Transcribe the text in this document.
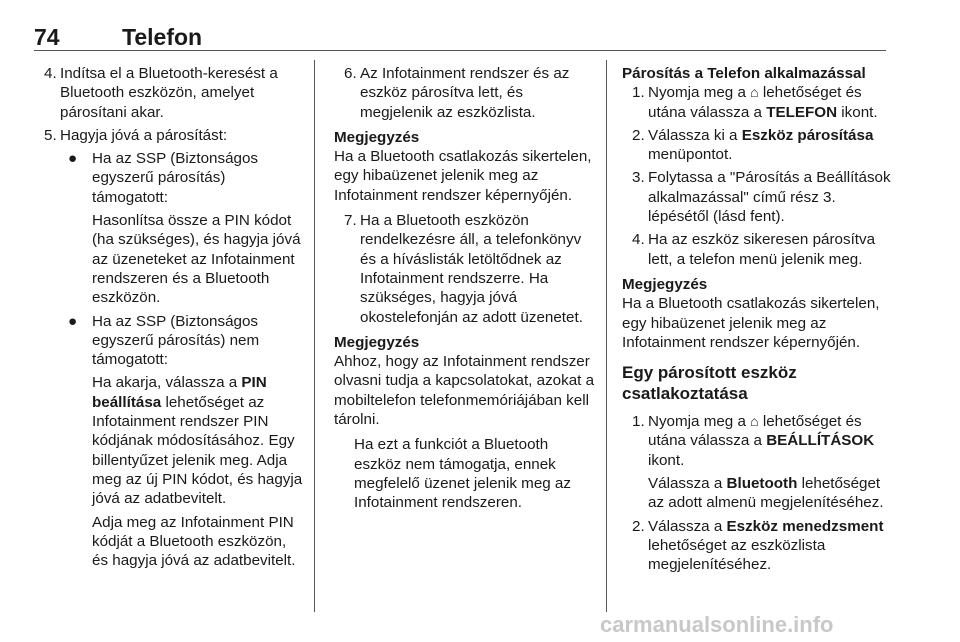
74	Telefon
4. Indítsa el a Bluetooth-keresést a Bluetooth eszközön, amelyet párosítani akar.
5. Hagyja jóvá a párosítást:
● Ha az SSP (Biztonságos egyszerű párosítás) támogatott:
Hasonlítsa össze a PIN kódot (ha szükséges), és hagyja jóvá az üzeneteket az Infotainment rendszeren és a Bluetooth eszközön.
● Ha az SSP (Biztonságos egyszerű párosítás) nem támogatott:
Ha akarja, válassza a PIN beállítása lehetőséget az Infotainment rendszer PIN kódjának módosításához. Egy billentyűzet jelenik meg. Adja meg az új PIN kódot, és hagyja jóvá az adatbevitelt.
Adja meg az Infotainment PIN kódját a Bluetooth eszközön, és hagyja jóvá az adatbevitelt.
6. Az Infotainment rendszer és az eszköz párosítva lett, és megjelenik az eszközlista.
Megjegyzés
Ha a Bluetooth csatlakozás sikertelen, egy hibaüzenet jelenik meg az Infotainment rendszer képernyőjén.
7. Ha a Bluetooth eszközön rendelkezésre áll, a telefonkönyv és a híváslisták letöltődnek az Infotainment rendszerre. Ha szükséges, hagyja jóvá okostelefonján az adott üzenetet.
Megjegyzés
Ahhoz, hogy az Infotainment rendszer olvasni tudja a kapcsolatokat, azokat a mobiltelefon telefonmemóriájában kell tárolni.
Ha ezt a funkciót a Bluetooth eszköz nem támogatja, ennek megfelelő üzenet jelenik meg az Infotainment rendszeren.
Párosítás a Telefon alkalmazással
1. Nyomja meg a ⌂ lehetőséget és utána válassza a TELEFON ikont.
2. Válassza ki a Eszköz párosítása menüpontot.
3. Folytassa a "Párosítás a Beállítások alkalmazással" című rész 3. lépésétől (lásd fent).
4. Ha az eszköz sikeresen párosítva lett, a telefon menü jelenik meg.
Megjegyzés
Ha a Bluetooth csatlakozás sikertelen, egy hibaüzenet jelenik meg az Infotainment rendszer képernyőjén.
Egy párosított eszköz csatlakoztatása
1. Nyomja meg a ⌂ lehetőséget és utána válassza a BEÁLLÍTÁSOK ikont.
Válassza a Bluetooth lehetőséget az adott almenü megjelenítéséhez.
2. Válassza a Eszköz menedzsment lehetőséget az eszközlista megjelenítéséhez.
carmanualsonline.info
